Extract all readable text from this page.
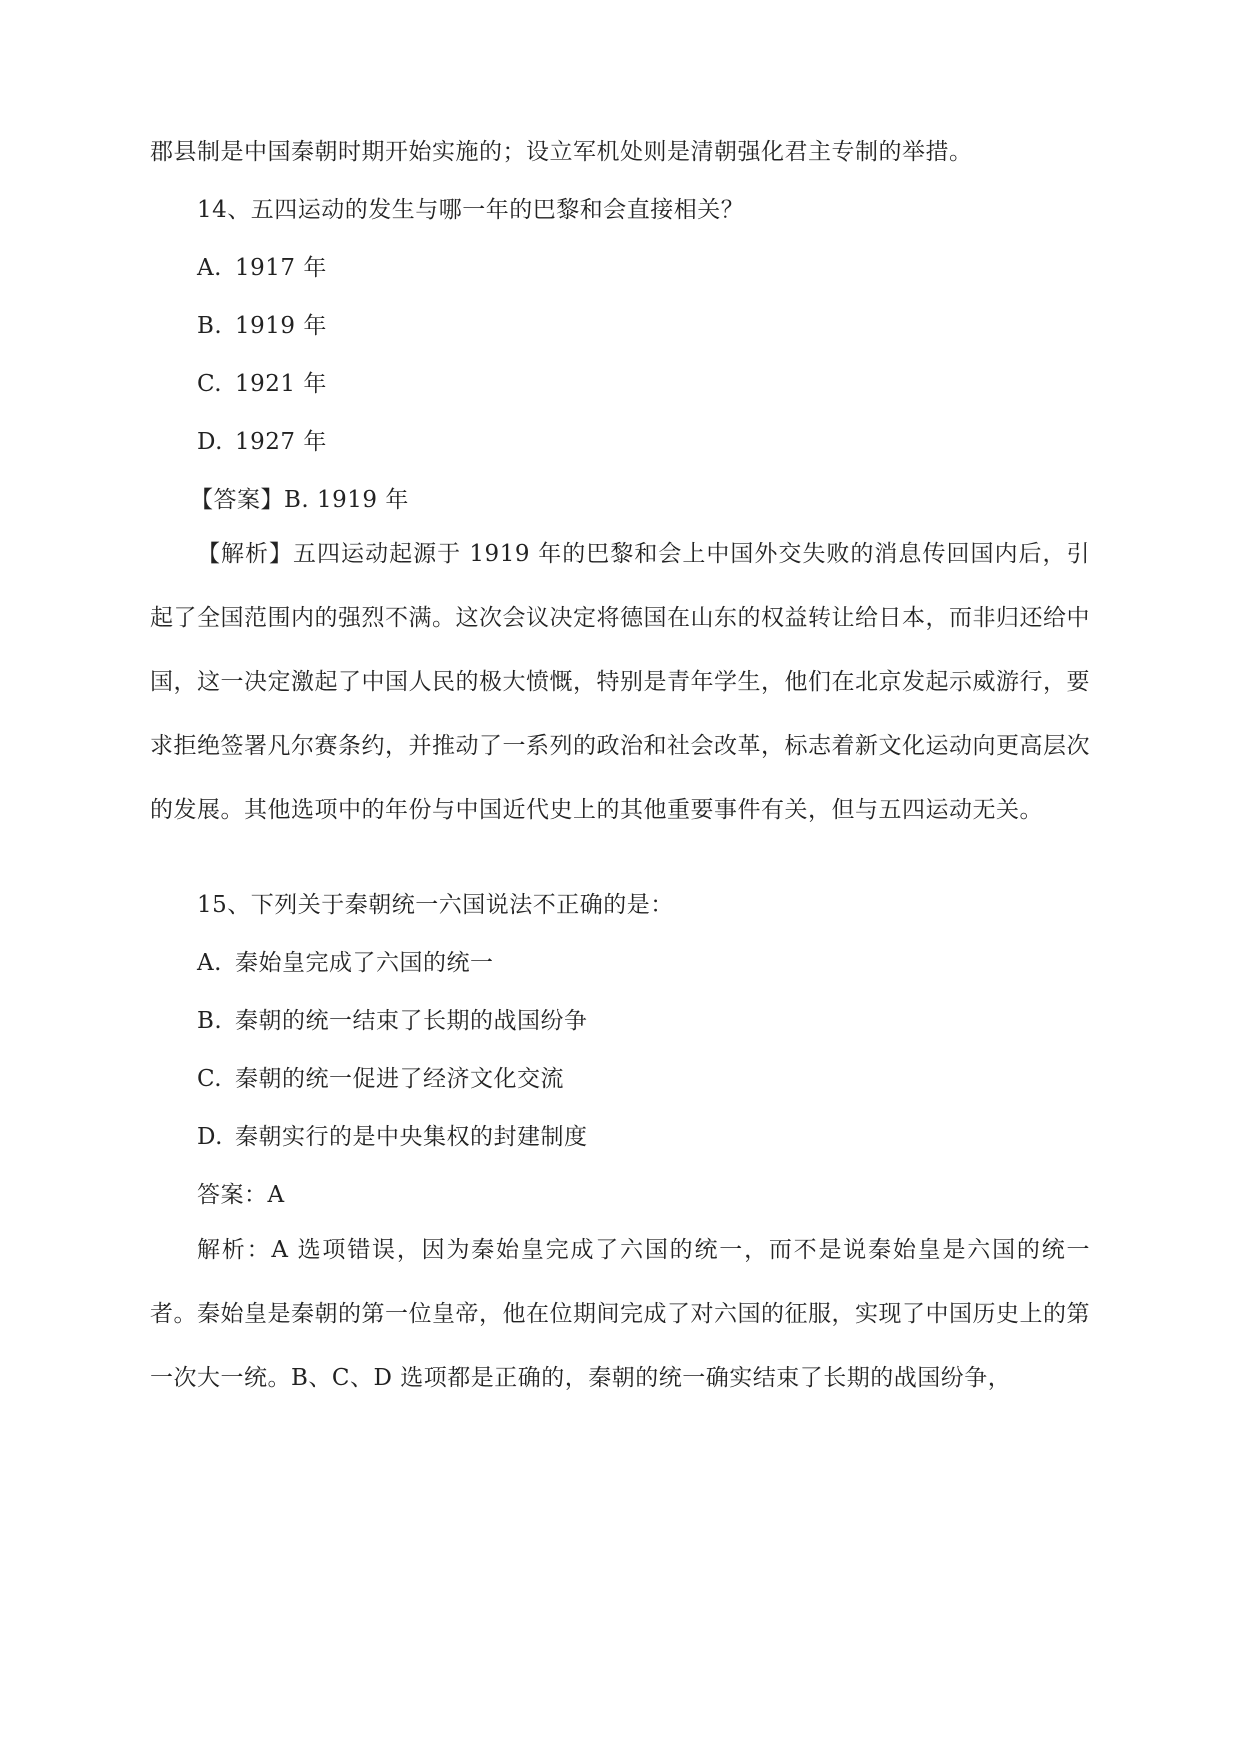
郡县制是中国秦朝时期开始实施的；设立军机处则是清朝强化君主专制的举措。
14、五四运动的发生与哪一年的巴黎和会直接相关？
A. 1917 年
B. 1919 年
C. 1921 年
D. 1927 年
【答案】B. 1919 年
【解析】五四运动起源于 1919 年的巴黎和会上中国外交失败的消息传回国内后，引起了全国范围内的强烈不满。这次会议决定将德国在山东的权益转让给日本，而非归还给中国，这一决定激起了中国人民的极大愤慨，特别是青年学生，他们在北京发起示威游行，要求拒绝签署凡尔赛条约，并推动了一系列的政治和社会改革，标志着新文化运动向更高层次的发展。其他选项中的年份与中国近代史上的其他重要事件有关，但与五四运动无关。
15、下列关于秦朝统一六国说法不正确的是：
A. 秦始皇完成了六国的统一
B. 秦朝的统一结束了长期的战国纷争
C. 秦朝的统一促进了经济文化交流
D. 秦朝实行的是中央集权的封建制度
答案：A
解析：A 选项错误，因为秦始皇完成了六国的统一，而不是说秦始皇是六国的统一者。秦始皇是秦朝的第一位皇帝，他在位期间完成了对六国的征服，实现了中国历史上的第一次大一统。B、C、D 选项都是正确的，秦朝的统一确实结束了长期的战国纷争，
